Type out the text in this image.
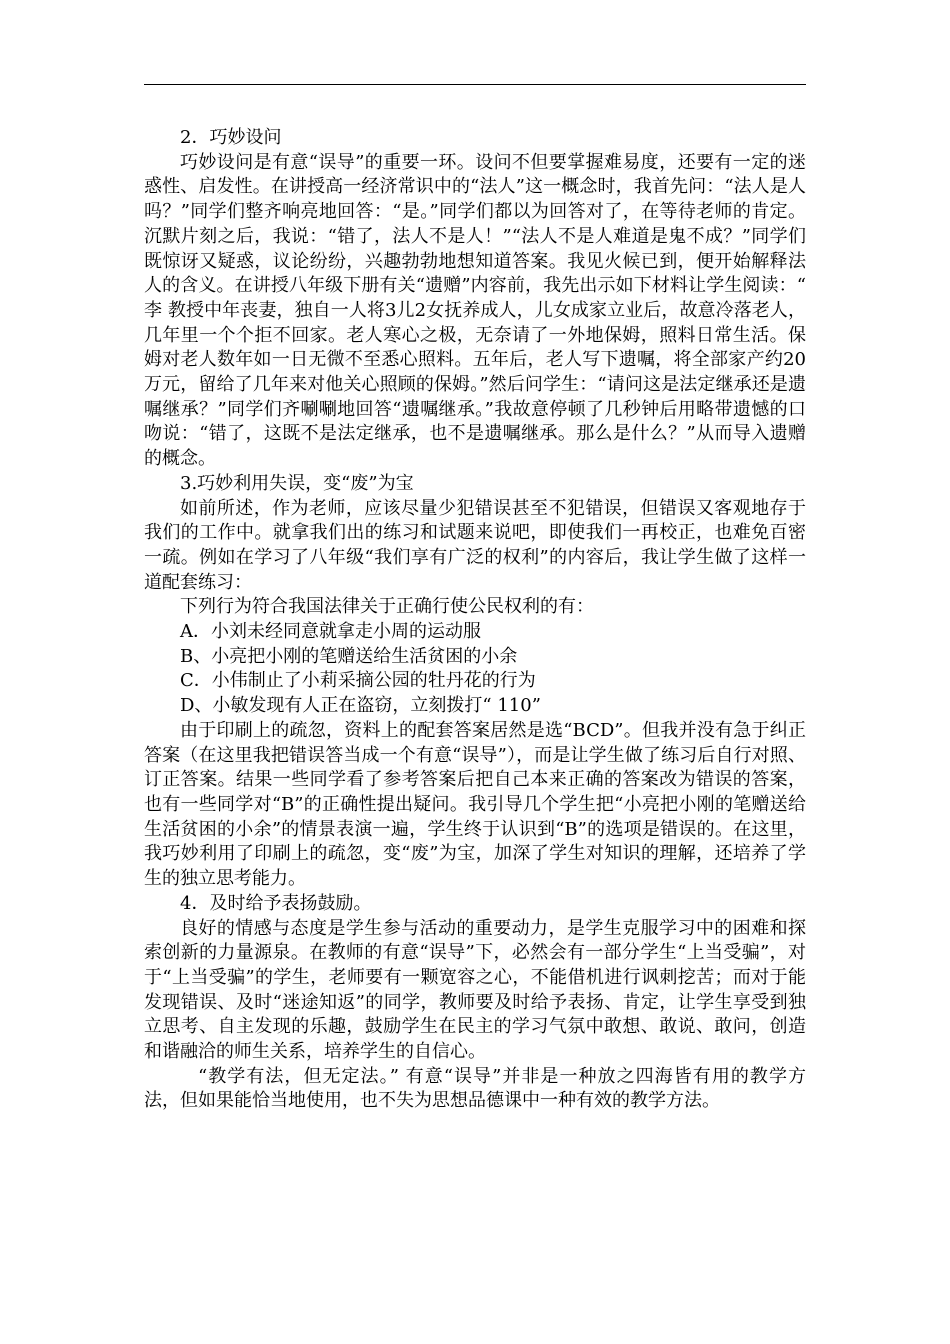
2．巧妙设问

巧妙设问是有意“误导”的重要一环。设问不但要掌握难易度，还要有一定的迷惑性、启发性。在讲授高一经济常识中的“法人”这一概念时，我首先问：“法人是人吗？”同学们整齐响亮地回答：“是。”同学们都以为回答对了，在等待老师的肯定。沉默片刻之后，我说：“错了，法人不是人！”“法人不是人难道是鬼不成？”同学们既惊讶又疑惑，议论纷纷，兴趣勃勃地想知道答案。我见火候已到，便开始解释法人的含义。在讲授八年级下册有关“遗赠”内容前，我先出示如下材料让学生阅读：“ 李 教授中年丧妻，独自一人将3儿2女抚养成人，儿女成家立业后，故意冷落老人，几年里一个个拒不回家。老人寒心之极，无奈请了一外地保姆，照料日常生活。保姆对老人数年如一日无微不至悉心照料。五年后，老人写下遗嘱，将全部家产约20万元，留给了几年来对他关心照顾的保姆。”然后问学生：“请问这是法定继承还是遗嘱继承？”同学们齐唰唰地回答“遗嘱继承。”我故意停顿了几秒钟后用略带遗憾的口吻说：“错了，这既不是法定继承，也不是遗嘱继承。那么是什么？”从而导入遗赠的概念。

3.巧妙利用失误，变“废”为宝

如前所述，作为老师，应该尽量少犯错误甚至不犯错误，但错误又客观地存于我们的工作中。就拿我们出的练习和试题来说吧，即使我们一再校正，也难免百密一疏。例如在学习了八年级“我们享有广泛的权利”的内容后，我让学生做了这样一道配套练习：

下列行为符合我国法律关于正确行使公民权利的有：

A．小刘未经同意就拿走小周的运动服

B、小亮把小刚的笔赠送给生活贫困的小余

C．小伟制止了小莉采摘公园的牡丹花的行为

D、小敏发现有人正在盗窃，立刻拨打“ 110”

由于印刷上的疏忽，资料上的配套答案居然是选“BCD”。但我并没有急于纠正答案（在这里我把错误答当成一个有意“误导”），而是让学生做了练习后自行对照、订正答案。结果一些同学看了参考答案后把自己本来正确的答案改为错误的答案，也有一些同学对“B”的正确性提出疑问。我引导几个学生把“小亮把小刚的笔赠送给生活贫困的小余”的情景表演一遍，学生终于认识到“B”的选项是错误的。在这里，我巧妙利用了印刷上的疏忽，变“废”为宝，加深了学生对知识的理解，还培养了学生的独立思考能力。

4．及时给予表扬鼓励。

良好的情感与态度是学生参与活动的重要动力，是学生克服学习中的困难和探索创新的力量源泉。在教师的有意“误导”下，必然会有一部分学生“上当受骗”，对于“上当受骗”的学生，老师要有一颗宽容之心，不能借机进行讽刺挖苦；而对于能发现错误、及时“迷途知返”的同学，教师要及时给予表扬、肯定，让学生享受到独立思考、自主发现的乐趣，鼓励学生在民主的学习气氛中敢想、敢说、敢问，创造和谐融洽的师生关系，培养学生的自信心。

“教学有法，但无定法。” 有意“误导”并非是一种放之四海皆有用的教学方法，但如果能恰当地使用，也不失为思想品德课中一种有效的教学方法。
